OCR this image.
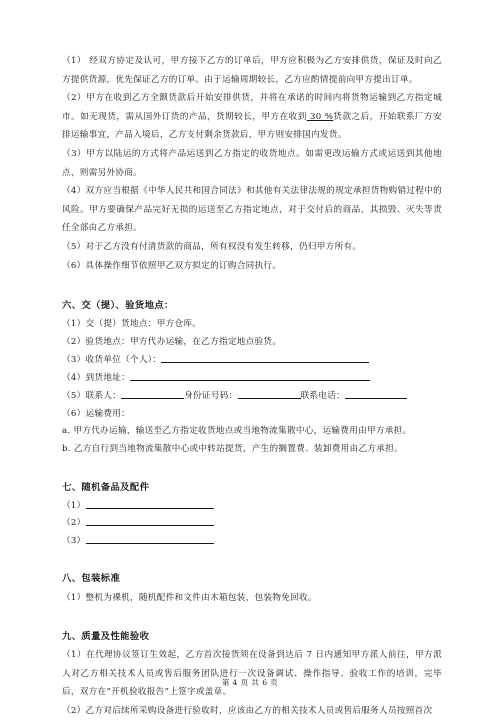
（1） 经双方协定及认可，甲方接下乙方的订单后，甲方应积极为乙方安排供货，保证及时向乙方提供货源，优先保证乙方的订单。由于运输周期较长，乙方应酌情提前向甲方提出订单。

（2）甲方在收到乙方全额货款后开始安排供货，并将在承诺的时间内将货物运输到乙方指定城市。如无现货，需从国外订货的产品，货期较长，甲方在收到 30 %货款之后，开始联系厂方安排运输事宜，产品入境后，乙方支付剩余货款后，甲方则安排国内发货。

（3）甲方以陆运的方式将产品运送到乙方指定的收货地点。如需更改运输方式或运送到其他地点，则需另外协商。

（4）双方应当根据《中华人民共和国合同法》和其他有关法律法规的规定承担货物购销过程中的风险。甲方要确保产品完好无损的运送至乙方指定地点，对于交付后的商品，其损毁、灭失等责任全部由乙方承担。

（5）对于乙方没有付清货款的商品，所有权没有发生转移，仍归甲方所有。

（6）具体操作细节依照甲乙双方拟定的订购合同执行。

六、交（提）、验货地点：

（1）交（提）货地点：甲方仓库。

（2）验货地点：甲方代办运输，在乙方指定地点验货。

（3）收货单位（个人）：

（4）到货地址：

（5）联系人：	身份证号码：	联系电话：

（6）运输费用：

a. 甲方代办运输，输送至乙方指定收货地点或当地物流集散中心，运输费用由甲方承担。

b. 乙方自行到当地物流集散中心或中转站提货，产生的搁置费、装卸费用由乙方承担。

七、随机备品及配件

（1）

（2）

（3）

八、包装标准

（1）整机为裸机，随机配件和文件由木箱包装，包装物免回收。

九、质量及性能验收

（1）在代理协议签订生效起，乙方首次接货须在设备到达后 7 日内通知甲方派人前往，甲方派人对乙方相关技术人员或售后服务团队进行一次设备调试、操作指导、验收工作的培训，完毕后，双方在“开机验收报告”上签字或盖章。

（2）乙方对后续所采购设备进行验收时，应该由乙方的相关技术人员或售后服务人员按照首次

第 4 页 共 6 页
